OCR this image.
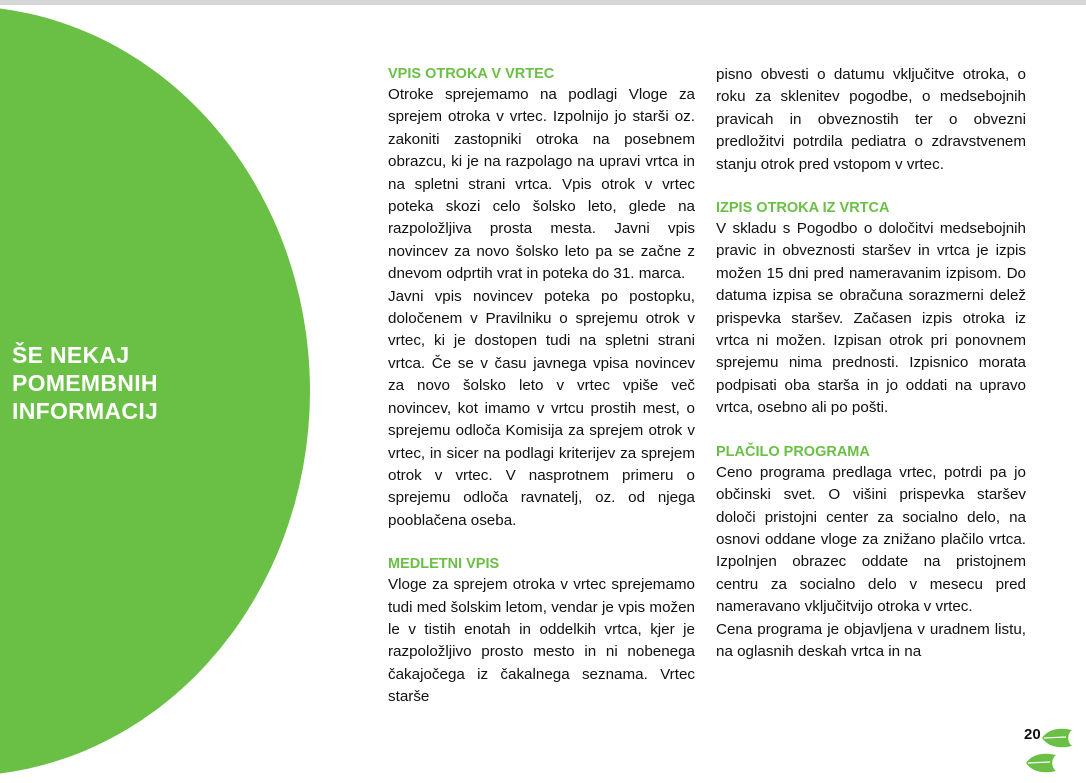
ŠE NEKAJ
POMEMBNIH
INFORMACIJ
VPIS OTROKA V VRTEC

Otroke sprejemamo na podlagi Vloge za sprejem otroka v vrtec. Izpolnijo jo starši oz. zakoniti zastopniki otroka na posebnem obrazcu, ki je na razpolago na upravi vrtca in na spletni strani vrtca. Vpis otrok v vrtec poteka skozi celo šolsko leto, glede na razpoložljiva prosta mesta. Javni vpis novincev za novo šolsko leto pa se začne z dnevom odprtih vrat in poteka do 31. marca.

Javni vpis novincev poteka po postopku, določenem v Pravilniku o sprejemu otrok v vrtec, ki je dostopen tudi na spletni strani vrtca. Če se v času javnega vpisa novincev za novo šolsko leto v vrtec vpiše več novincev, kot imamo v vrtcu prostih mest, o sprejemu odloča Komisija za sprejem otrok v vrtec, in sicer na podlagi kriterijev za sprejem otrok v vrtec. V nasprotnem primeru o sprejemu odloča ravnatelj, oz. od njega pooblačena oseba.

MEDLETNI VPIS

Vloge za sprejem otroka v vrtec sprejemamo tudi med šolskim letom, vendar je vpis možen le v tistih enotah in oddelkih vrtca, kjer je razpoložljivo prosto mesto in ni nobenega čakajočega iz čakalnega seznama. Vrtec starše

pisno obvesti o datumu vključitve otroka, o roku za sklenitev pogodbe, o medsebojnih pravicah in obveznostih ter o obvezni predložitvi potrdila pediatra o zdravstvenem stanju otrok pred vstopom v vrtec.

IZPIS OTROKA IZ VRTCA

V skladu s Pogodbo o določitvi medsebojnih pravic in obveznosti staršev in vrtca je izpis možen 15 dni pred nameravanim izpisom. Do datuma izpisa se obračuna sorazmerni delež prispevka staršev. Začasen izpis otroka iz vrtca ni možen. Izpisan otrok pri ponovnem sprejemu nima prednosti. Izpisnico morata podpisati oba starša in jo oddati na upravo vrtca, osebno ali po pošti.

PLAČILO PROGRAMA

Ceno programa predlaga vrtec, potrdi pa jo občinski svet. O višini prispevka staršev določi pristojni center za socialno delo, na osnovi oddane vloge za znižano plačilo vrtca. Izpolnjen obrazec oddate na pristojnem centru za socialno delo v mesecu pred nameravano vključitvijo otroka v vrtec.

Cena programa je objavljena v uradnem listu, na oglasnih deskah vrtca in na

20
